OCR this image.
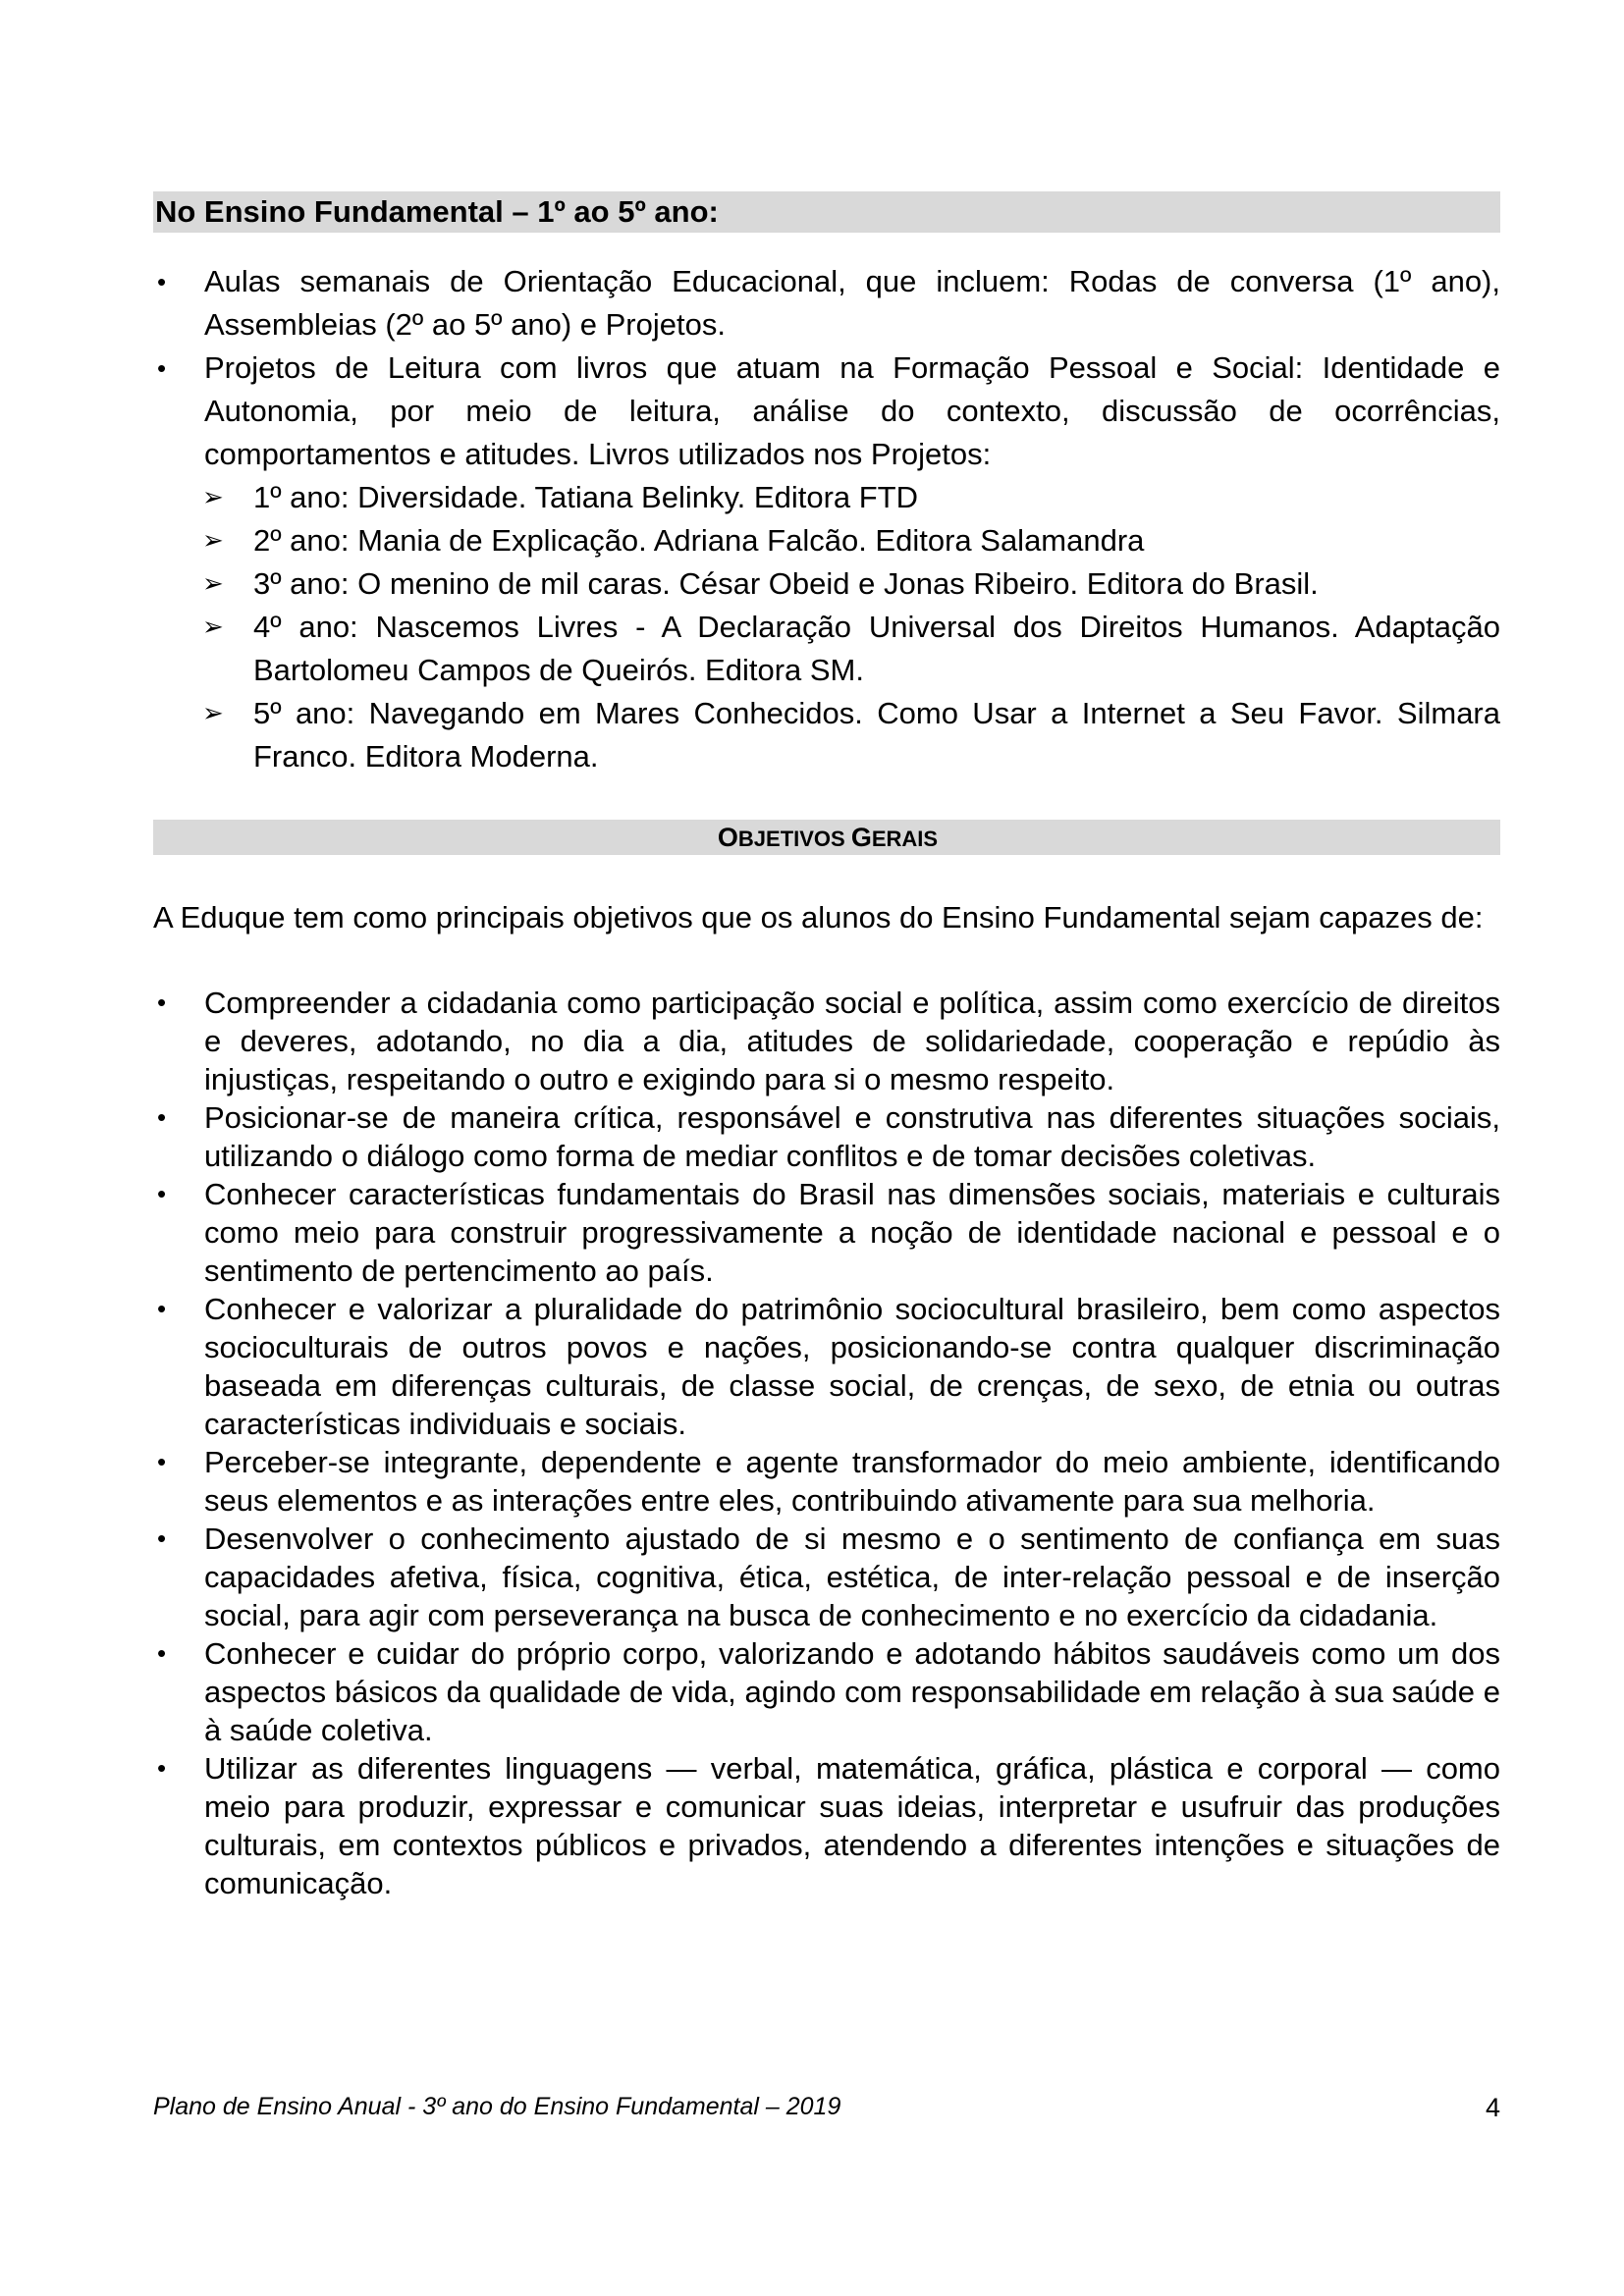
No Ensino Fundamental – 1º ao 5º ano:
• Aulas semanais de Orientação Educacional, que incluem: Rodas de conversa (1º ano), Assembleias (2º ao 5º ano) e Projetos.
• Projetos de Leitura com livros que atuam na Formação Pessoal e Social: Identidade e Autonomia, por meio de leitura, análise do contexto, discussão de ocorrências, comportamentos e atitudes. Livros utilizados nos Projetos:
➢ 1º ano: Diversidade. Tatiana Belinky. Editora FTD
➢ 2º ano: Mania de Explicação. Adriana Falcão. Editora Salamandra
➢ 3º ano: O menino de mil caras. César Obeid e Jonas Ribeiro. Editora do Brasil.
➢ 4º ano: Nascemos Livres - A Declaração Universal dos Direitos Humanos. Adaptação Bartolomeu Campos de Queirós. Editora SM.
➢ 5º ano: Navegando em Mares Conhecidos. Como Usar a Internet a Seu Favor. Silmara Franco. Editora Moderna.
OBJETIVOS GERAIS

A Eduque tem como principais objetivos que os alunos do Ensino Fundamental sejam capazes de:

• Compreender a cidadania como participação social e política, assim como exercício de direitos e deveres, adotando, no dia a dia, atitudes de solidariedade, cooperação e repúdio às injustiças, respeitando o outro e exigindo para si o mesmo respeito.
• Posicionar-se de maneira crítica, responsável e construtiva nas diferentes situações sociais, utilizando o diálogo como forma de mediar conflitos e de tomar decisões coletivas.
• Conhecer características fundamentais do Brasil nas dimensões sociais, materiais e culturais como meio para construir progressivamente a noção de identidade nacional e pessoal e o sentimento de pertencimento ao país.
• Conhecer e valorizar a pluralidade do patrimônio sociocultural brasileiro, bem como aspectos socioculturais de outros povos e nações, posicionando-se contra qualquer discriminação baseada em diferenças culturais, de classe social, de crenças, de sexo, de etnia ou outras características individuais e sociais.
• Perceber-se integrante, dependente e agente transformador do meio ambiente, identificando seus elementos e as interações entre eles, contribuindo ativamente para sua melhoria.
• Desenvolver o conhecimento ajustado de si mesmo e o sentimento de confiança em suas capacidades afetiva, física, cognitiva, ética, estética, de inter-relação pessoal e de inserção social, para agir com perseverança na busca de conhecimento e no exercício da cidadania.
• Conhecer e cuidar do próprio corpo, valorizando e adotando hábitos saudáveis como um dos aspectos básicos da qualidade de vida, agindo com responsabilidade em relação à sua saúde e à saúde coletiva.
• Utilizar as diferentes linguagens — verbal, matemática, gráfica, plástica e corporal — como meio para produzir, expressar e comunicar suas ideias, interpretar e usufruir das produções culturais, em contextos públicos e privados, atendendo a diferentes intenções e situações de comunicação.
Plano de Ensino Anual - 3º ano do Ensino Fundamental – 2019	4
